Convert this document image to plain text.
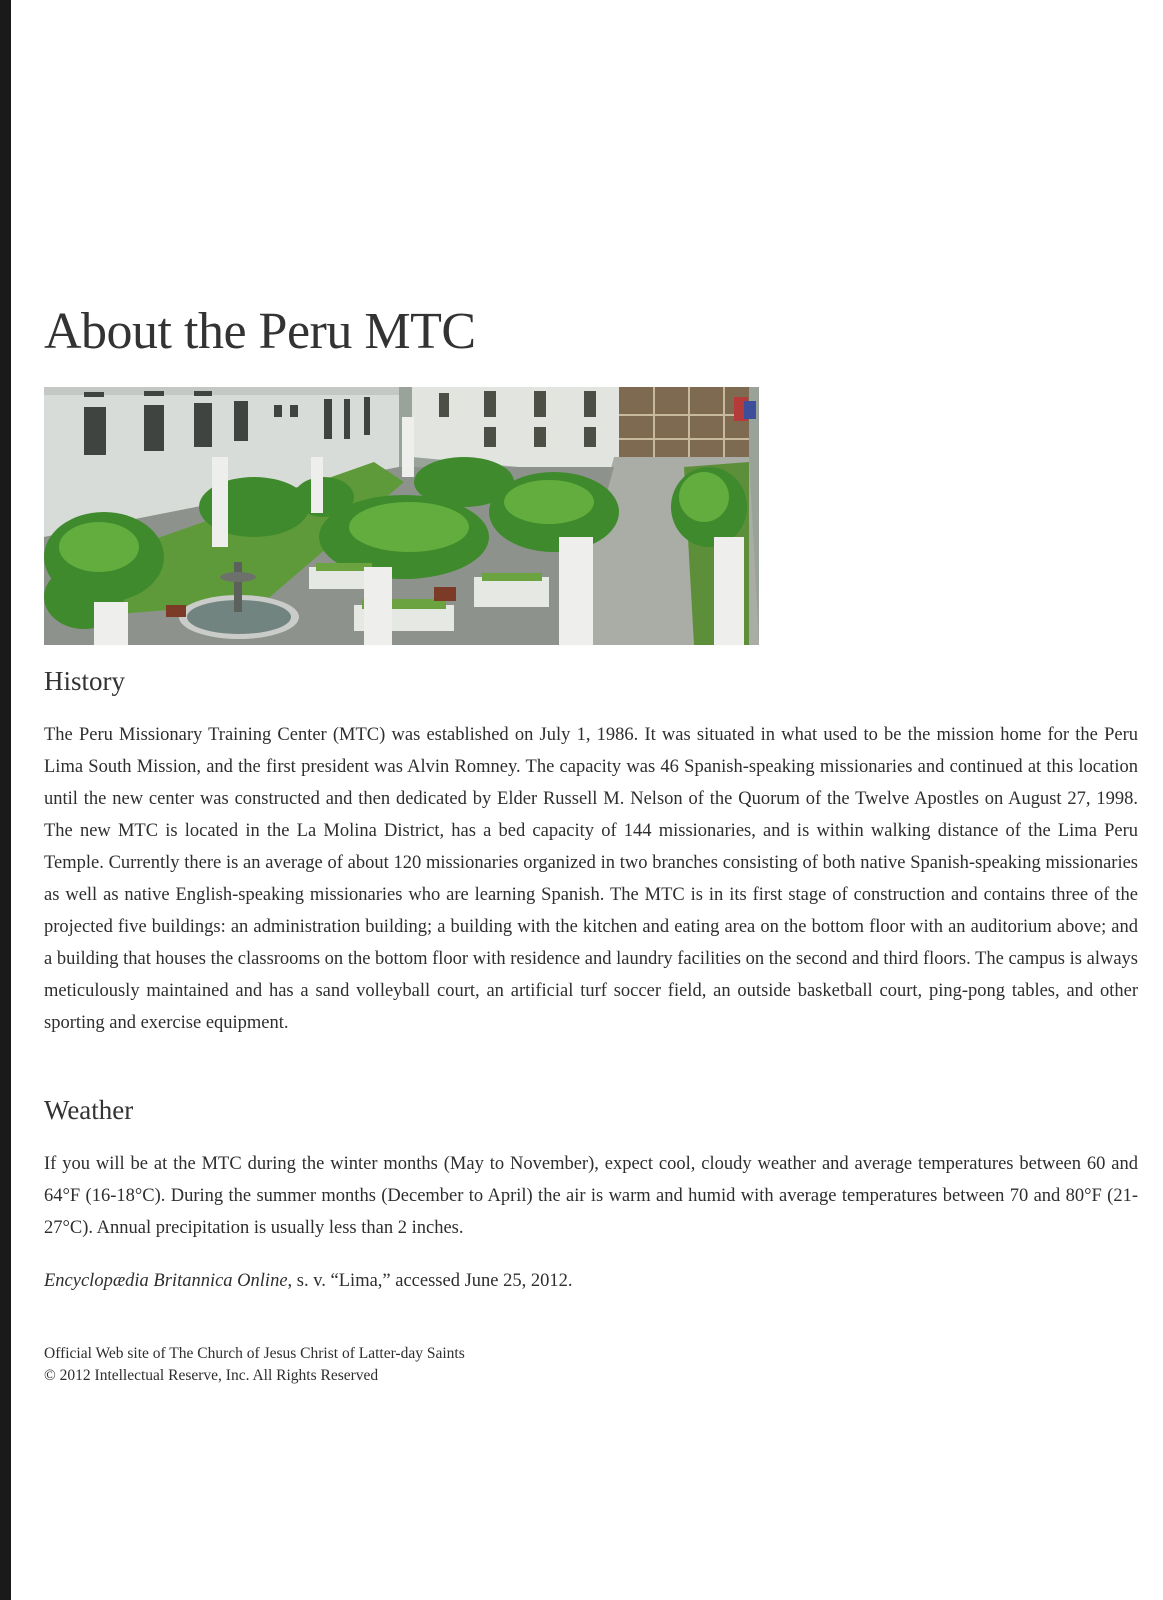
About the Peru MTC
History

The Peru Missionary Training Center (MTC) was established on July 1, 1986. It was situated in what used to be the mission home for the Peru Lima South Mission, and the first president was Alvin Romney. The capacity was 46 Spanish-speaking missionaries and continued at this location until the new center was constructed and then dedicated by Elder Russell M. Nelson of the Quorum of the Twelve Apostles on August 27, 1998. The new MTC is located in the La Molina District, has a bed capacity of 144 missionaries, and is within walking distance of the Lima Peru Temple. Currently there is an average of about 120 missionaries organized in two branches consisting of both native Spanish-speaking missionaries as well as native English-speaking missionaries who are learning Spanish. The MTC is in its first stage of construction and contains three of the projected five buildings: an administration building; a building with the kitchen and eating area on the bottom floor with an auditorium above; and a building that houses the classrooms on the bottom floor with residence and laundry facilities on the second and third floors. The campus is always meticulously maintained and has a sand volleyball court, an artificial turf soccer field, an outside basketball court, ping-pong tables, and other sporting and exercise equipment.

Weather

If you will be at the MTC during the winter months (May to November), expect cool, cloudy weather and average temperatures between 60 and 64°F (16-18°C). During the summer months (December to April) the air is warm and humid with average temperatures between 70 and 80°F (21-27°C). Annual precipitation is usually less than 2 inches.

Encyclopædia Britannica Online, s. v. “Lima,” accessed June 25, 2012.

Official Web site of The Church of Jesus Christ of Latter-day Saints
© 2012 Intellectual Reserve, Inc. All Rights Reserved
